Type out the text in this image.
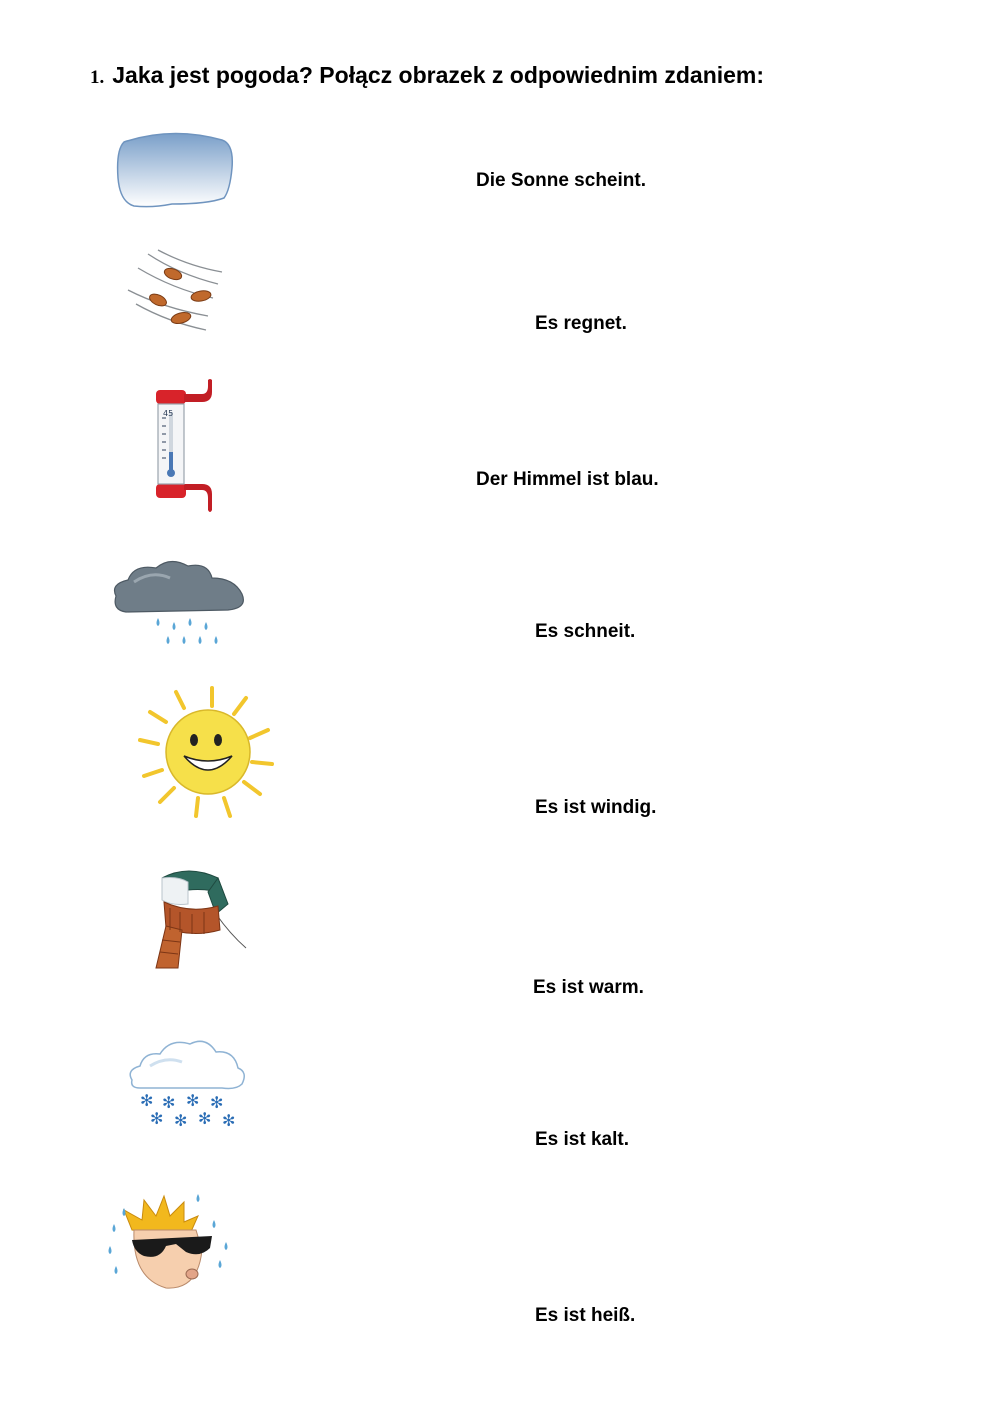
1. Jaka jest pogoda? Połącz obrazek z odpowiednim zdaniem:
45
✻ ✻ ✻ ✻
✻ ✻ ✻ ✻
Die Sonne scheint.
Es regnet.
Der Himmel ist blau.
Es schneit.
Es ist windig.
Es ist warm.
Es ist kalt.
Es ist heiß.
